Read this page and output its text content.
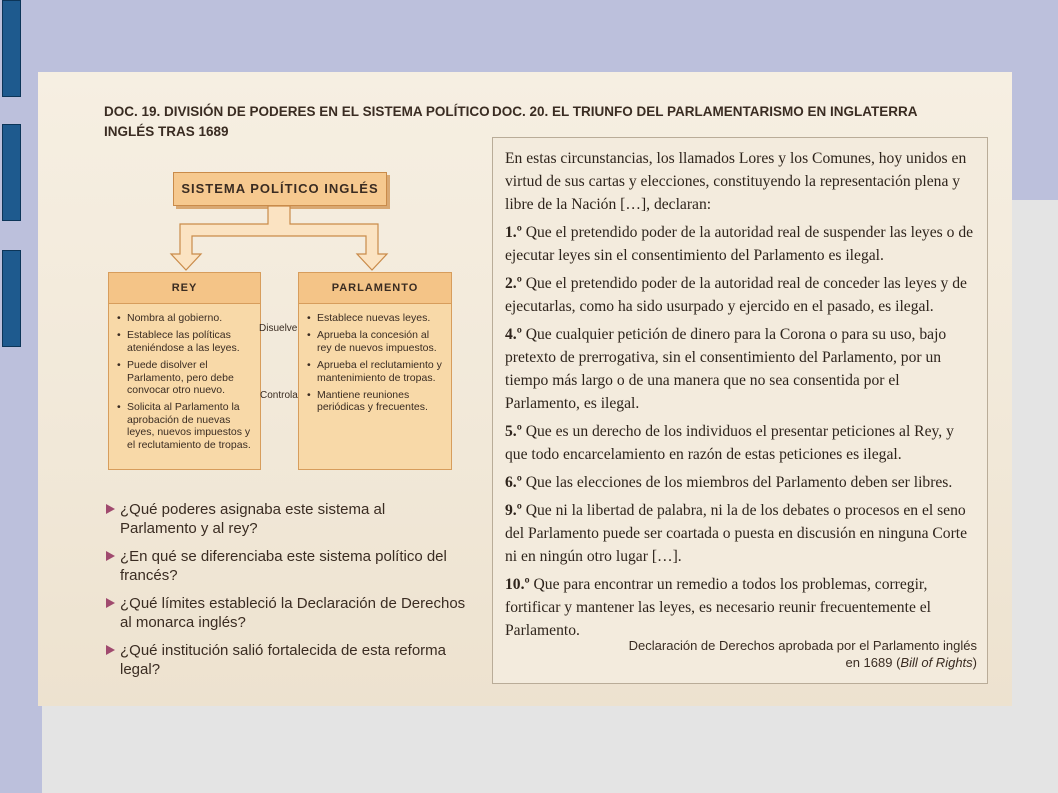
DOC. 19. DIVISIÓN DE PODERES EN EL SISTEMA POLÍTICO
INGLÉS TRAS 1689
SISTEMA POLÍTICO INGLÉS
REY
• Nombra al gobierno.
• Establece las políticas ateniéndose a las leyes.
• Puede disolver el Parlamento, pero debe convocar otro nuevo.
• Solicita al Parlamento la aprobación de nuevas leyes, nuevos impuestos y el reclutamiento de tropas.
Disuelve
Controla
PARLAMENTO
• Establece nuevas leyes.
• Aprueba la concesión al rey de nuevos impuestos.
• Aprueba el reclutamiento y mantenimiento de tropas.
• Mantiene reuniones periódicas y frecuentes.
¿Qué poderes asignaba este sistema al Parlamento y al rey?
¿En qué se diferenciaba este sistema político del francés?
¿Qué límites estableció la Declaración de Derechos al monarca inglés?
¿Qué institución salió fortalecida de esta reforma legal?
DOC. 20. EL TRIUNFO DEL PARLAMENTARISMO EN INGLATERRA

En estas circunstancias, los llamados Lores y los Comunes, hoy unidos en virtud de sus cartas y elecciones, constituyendo la representación plena y libre de la Nación […], declaran:

1.º Que el pretendido poder de la autoridad real de suspender las leyes o de ejecutar leyes sin el consentimiento del Parlamento es ilegal.

2.º Que el pretendido poder de la autoridad real de conceder las leyes y de ejecutarlas, como ha sido usurpado y ejercido en el pasado, es ilegal.

4.º Que cualquier petición de dinero para la Corona o para su uso, bajo pretexto de prerrogativa, sin el consentimiento del Parlamento, por un tiempo más largo o de una manera que no sea consentida por el Parlamento, es ilegal.

5.º Que es un derecho de los individuos el presentar peticiones al Rey, y que todo encarcelamiento en razón de estas peticiones es ilegal.

6.º Que las elecciones de los miembros del Parlamento deben ser libres.

9.º Que ni la libertad de palabra, ni la de los debates o procesos en el seno del Parlamento puede ser coartada o puesta en discusión en ninguna Corte ni en ningún otro lugar […].

10.º Que para encontrar un remedio a todos los problemas, corregir, fortificar y mantener las leyes, es necesario reunir frecuentemente el Parlamento.

Declaración de Derechos aprobada por el Parlamento inglés
en 1689 (Bill of Rights)
